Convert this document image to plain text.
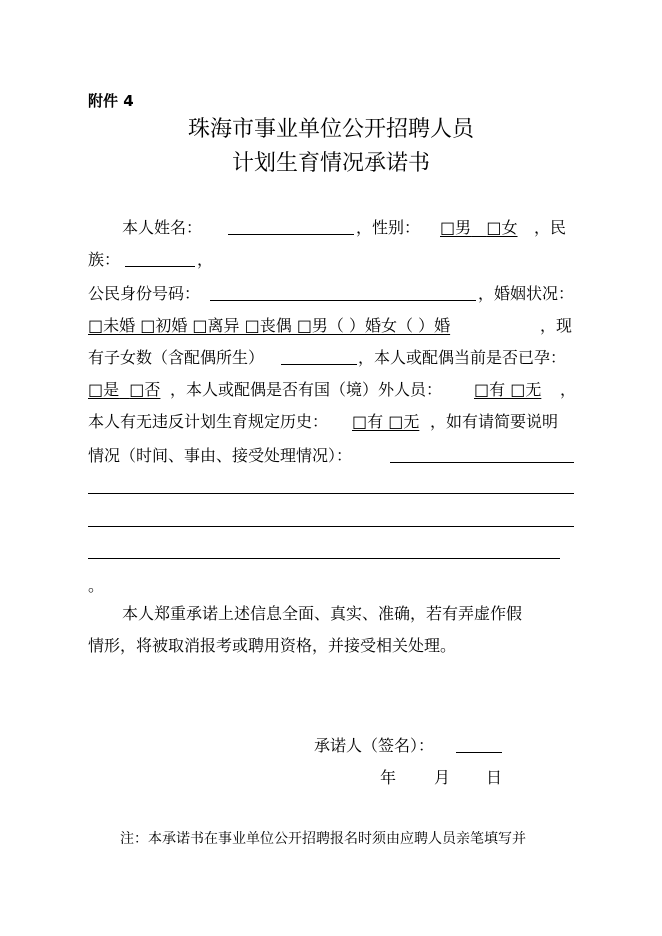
附件 4
珠海市事业单位公开招聘人员
计划生育情况承诺书
本人姓名：	，性别： □男 □女	，民
族：	，
公民身份号码：	，婚姻状况：
□未婚 □初婚 □离异 □丧偶 □男（ ）婚女（ ）婚	，现
有子女数（含配偶所生）	，本人或配偶当前是否已孕：
□是 □否 ，本人或配偶是否有国（境）外人员： □有 □无 ，
本人有无违反计划生育规定历史： □有 □无 ，如有请简要说明
情况（时间、事由、接受处理情况）：
。
本人郑重承诺上述信息全面、真实、准确，若有弄虚作假
情形，将被取消报考或聘用资格，并接受相关处理。
承诺人（签名）：
年 月 日
注：本承诺书在事业单位公开招聘报名时须由应聘人员亲笔填写并
